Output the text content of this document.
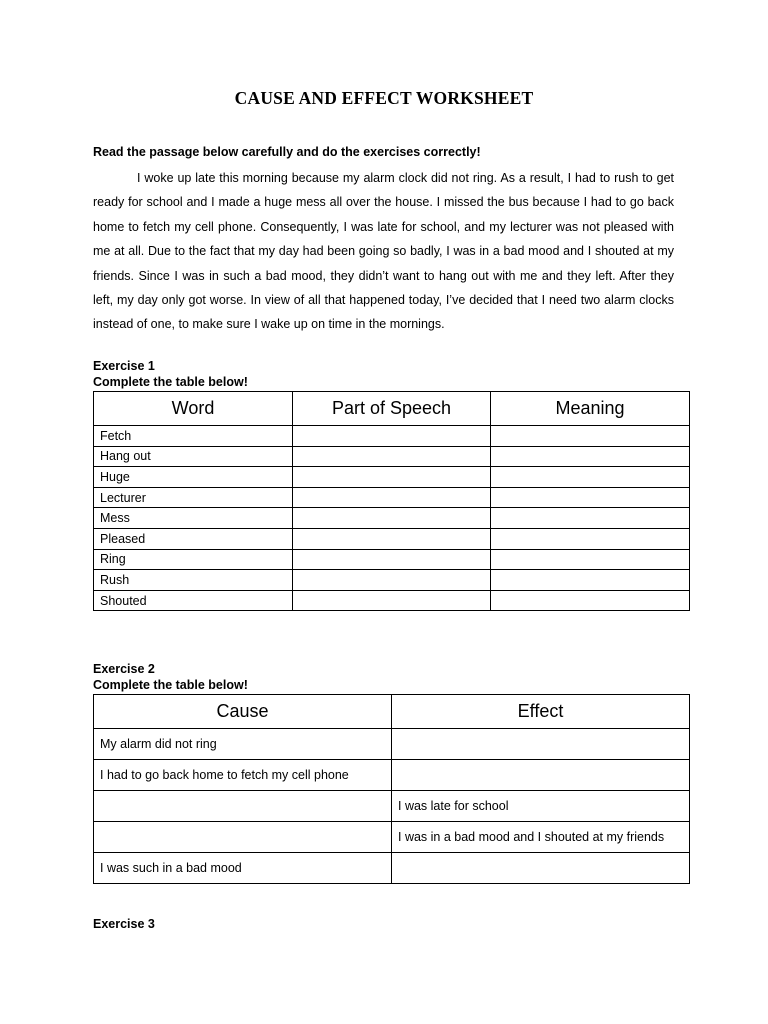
CAUSE AND EFFECT WORKSHEET
Read the passage below carefully and do the exercises correctly!

I woke up late this morning because my alarm clock did not ring. As a result, I had to rush to get ready for school and I made a huge mess all over the house. I missed the bus because I had to go back home to fetch my cell phone. Consequently, I was late for school, and my lecturer was not pleased with me at all. Due to the fact that my day had been going so badly, I was in a bad mood and I shouted at my friends. Since I was in such a bad mood, they didn’t want to hang out with me and they left. After they left, my day only got worse. In view of all that happened today, I’ve decided that I need two alarm clocks instead of one, to make sure I wake up on time in the mornings.

Exercise 1
Complete the table below!
Word	Part of Speech	Meaning
Fetch		
Hang out		
Huge		
Lecturer		
Mess		
Pleased		
Ring		
Rush		
Shouted		
Exercise 2
Complete the table below!
Cause	Effect
My alarm did not ring	
I had to go back home to fetch my cell phone	
	I was late for school
	I was in a bad mood and I shouted at my friends
I was such in a bad mood	
Exercise 3
